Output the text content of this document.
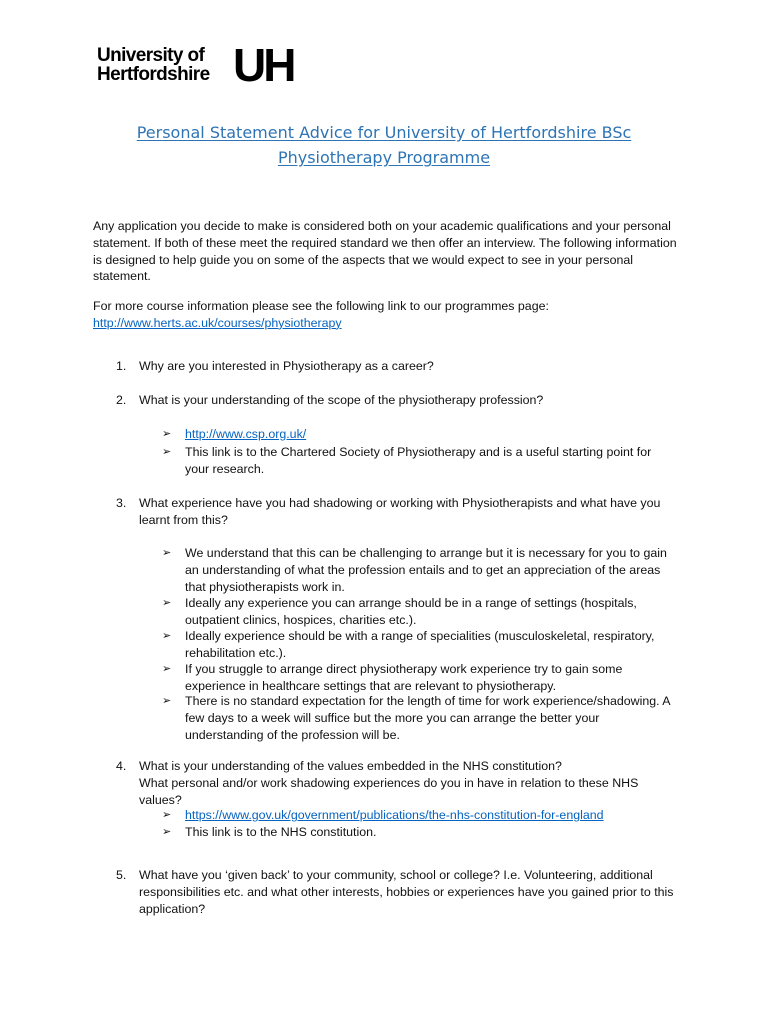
University of
Hertfordshire UH
Personal Statement Advice for University of Hertfordshire BSc
Physiotherapy Programme
Any application you decide to make is considered both on your academic qualifications and your personal statement. If both of these meet the required standard we then offer an interview. The following information is designed to help guide you on some of the aspects that we would expect to see in your personal statement.
For more course information please see the following link to our programmes page:
http://www.herts.ac.uk/courses/physiotherapy
1. Why are you interested in Physiotherapy as a career?
2. What is your understanding of the scope of the physiotherapy profession?
➢ http://www.csp.org.uk/
➢ This link is to the Chartered Society of Physiotherapy and is a useful starting point for your research.
3. What experience have you had shadowing or working with Physiotherapists and what have you learnt from this?
➢ We understand that this can be challenging to arrange but it is necessary for you to gain an understanding of what the profession entails and to get an appreciation of the areas that physiotherapists work in.
➢ Ideally any experience you can arrange should be in a range of settings (hospitals, outpatient clinics, hospices, charities etc.).
➢ Ideally experience should be with a range of specialities (musculoskeletal, respiratory, rehabilitation etc.).
➢ If you struggle to arrange direct physiotherapy work experience try to gain some experience in healthcare settings that are relevant to physiotherapy.
➢ There is no standard expectation for the length of time for work experience/shadowing. A few days to a week will suffice but the more you can arrange the better your understanding of the profession will be.
4. What is your understanding of the values embedded in the NHS constitution?
What personal and/or work shadowing experiences do you in have in relation to these NHS values?
➢ https://www.gov.uk/government/publications/the-nhs-constitution-for-england
➢ This link is to the NHS constitution.
5. What have you ‘given back’ to your community, school or college? I.e. Volunteering, additional responsibilities etc. and what other interests, hobbies or experiences have you gained prior to this application?
